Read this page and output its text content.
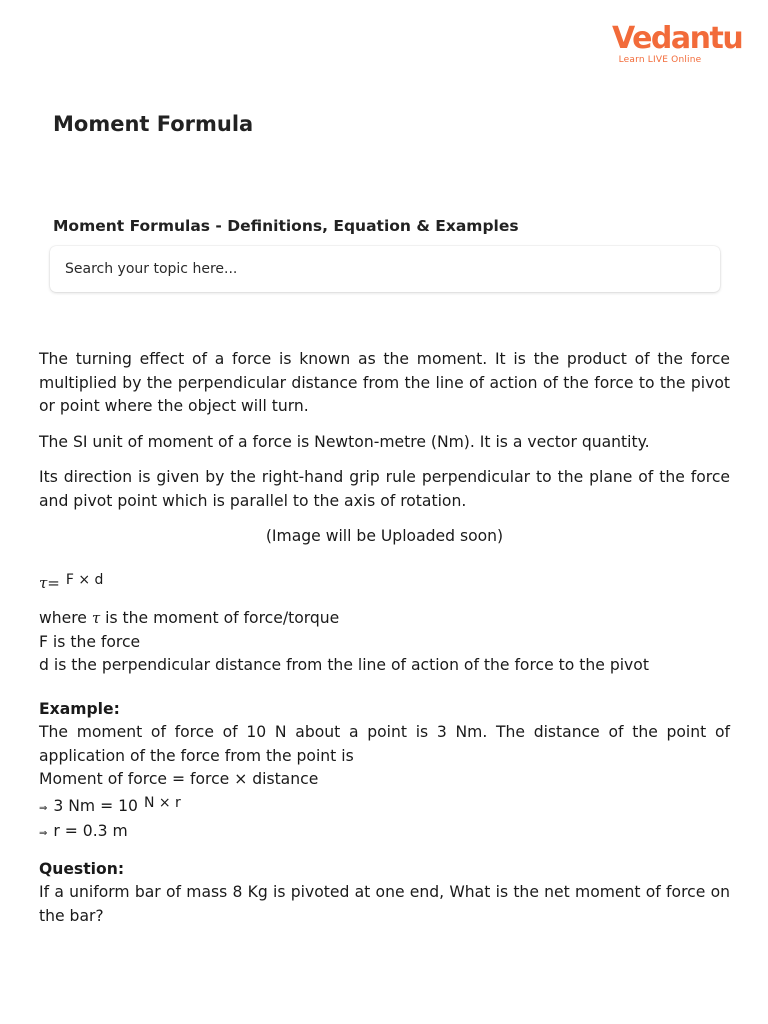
Vedantu
Learn LIVE Online
Moment Formula
Moment Formulas - Definitions, Equation & Examples
Search your topic here...

The turning effect of a force is known as the moment. It is the product of the force multiplied by the perpendicular distance from the line of action of the force to the pivot or point where the object will turn.

The SI unit of moment of a force is Newton-metre (Nm). It is a vector quantity.

Its direction is given by the right-hand grip rule perpendicular to the plane of the force and pivot point which is parallel to the axis of rotation.

(Image will be Uploaded soon)

τ= F × d

where τ is the moment of force/torque

F is the force

d is the perpendicular distance from the line of action of the force to the pivot

Example:

The moment of force of 10 N about a point is 3 Nm. The distance of the point of application of the force from the point is

Moment of force = force × distance

⇒ 3 Nm = 10 N × r

⇒ r = 0.3 m

Question:

If a uniform bar of mass 8 Kg is pivoted at one end, What is the net moment of force on the bar?
